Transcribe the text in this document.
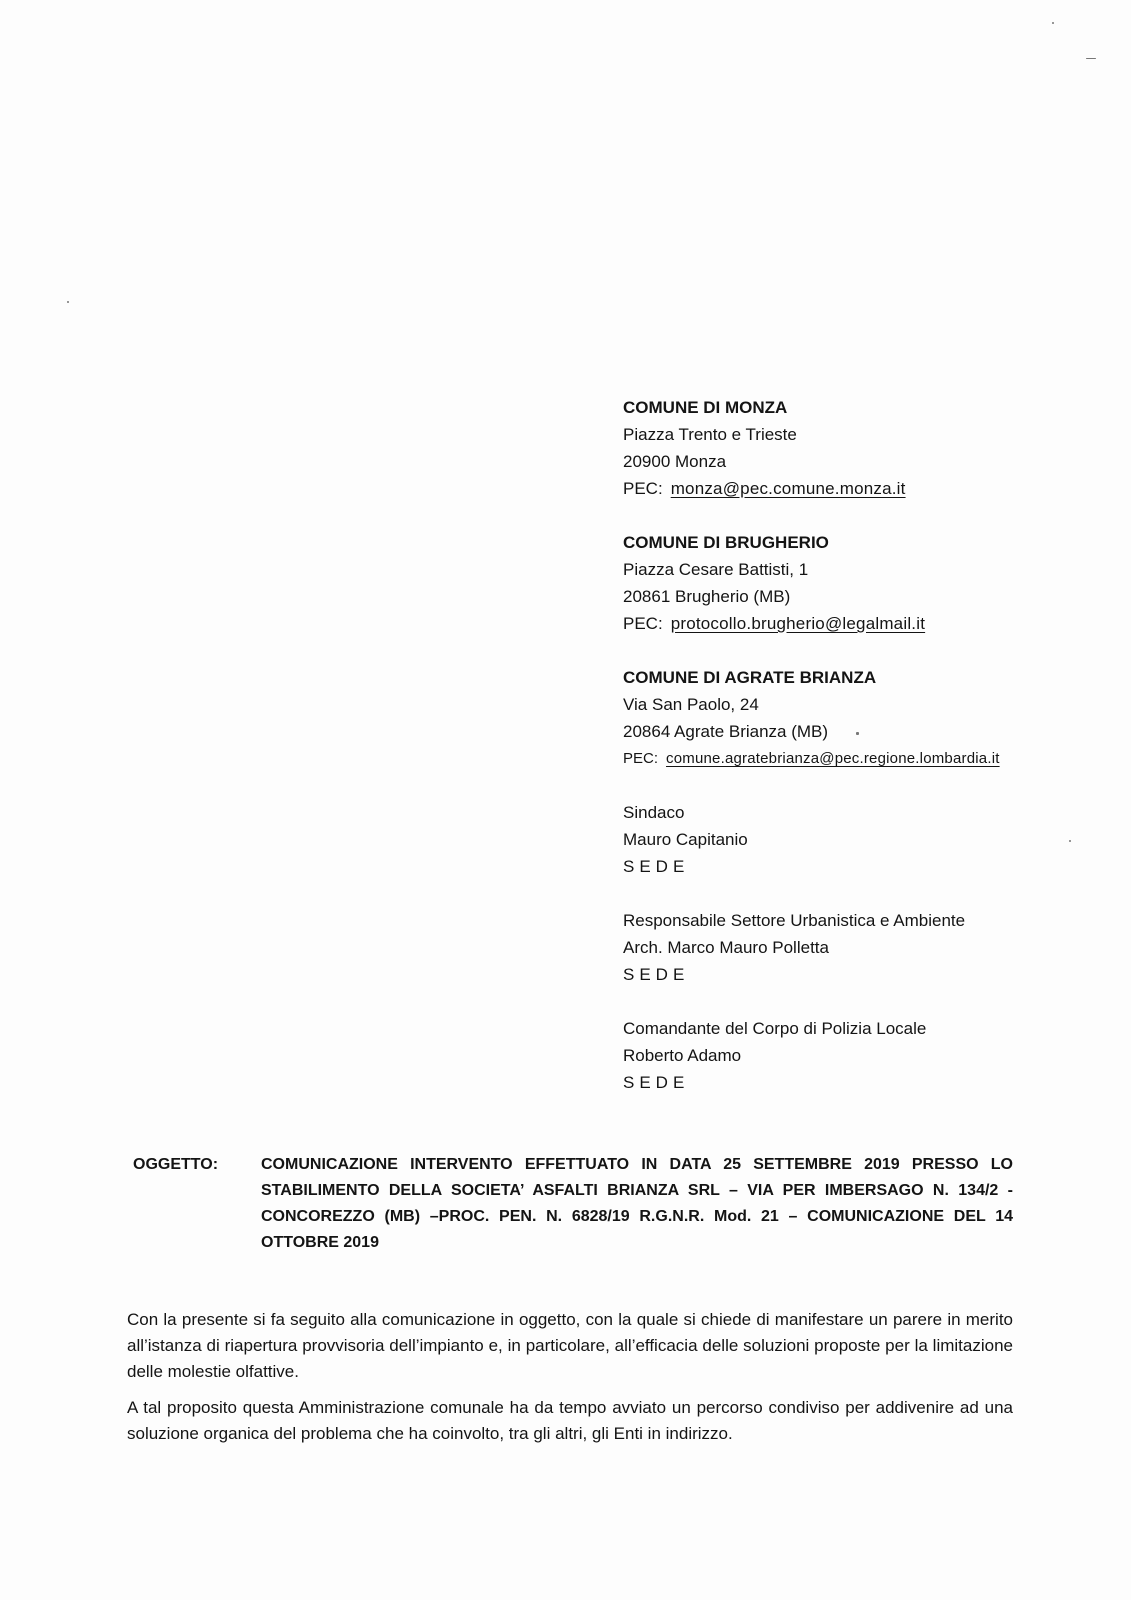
COMUNE DI MONZA
Piazza Trento e Trieste
20900 Monza
PEC: monza@pec.comune.monza.it
COMUNE DI BRUGHERIO
Piazza Cesare Battisti, 1
20861 Brugherio (MB)
PEC: protocollo.brugherio@legalmail.it
COMUNE DI AGRATE BRIANZA
Via San Paolo, 24
20864 Agrate Brianza (MB)
PEC: comune.agratebrianza@pec.regione.lombardia.it
Sindaco
Mauro Capitanio
SEDE
Responsabile Settore Urbanistica e Ambiente
Arch. Marco Mauro Polletta
SEDE
Comandante del Corpo di Polizia Locale
Roberto Adamo
SEDE
OGGETTO:	COMUNICAZIONE INTERVENTO EFFETTUATO IN DATA 25 SETTEMBRE 2019 PRESSO LO STABILIMENTO DELLA SOCIETA’ ASFALTI BRIANZA SRL – VIA PER IMBERSAGO N. 134/2 - CONCOREZZO (MB) –PROC. PEN. N. 6828/19 R.G.N.R. Mod. 21 – COMUNICAZIONE DEL 14 OTTOBRE 2019

Con la presente si fa seguito alla comunicazione in oggetto, con la quale si chiede di manifestare un parere in merito all’istanza di riapertura provvisoria dell’impianto e, in particolare, all’efficacia delle soluzioni proposte per la limitazione delle molestie olfattive.

A tal proposito questa Amministrazione comunale ha da tempo avviato un percorso condiviso per addivenire ad una soluzione organica del problema che ha coinvolto, tra gli altri, gli Enti in indirizzo.
